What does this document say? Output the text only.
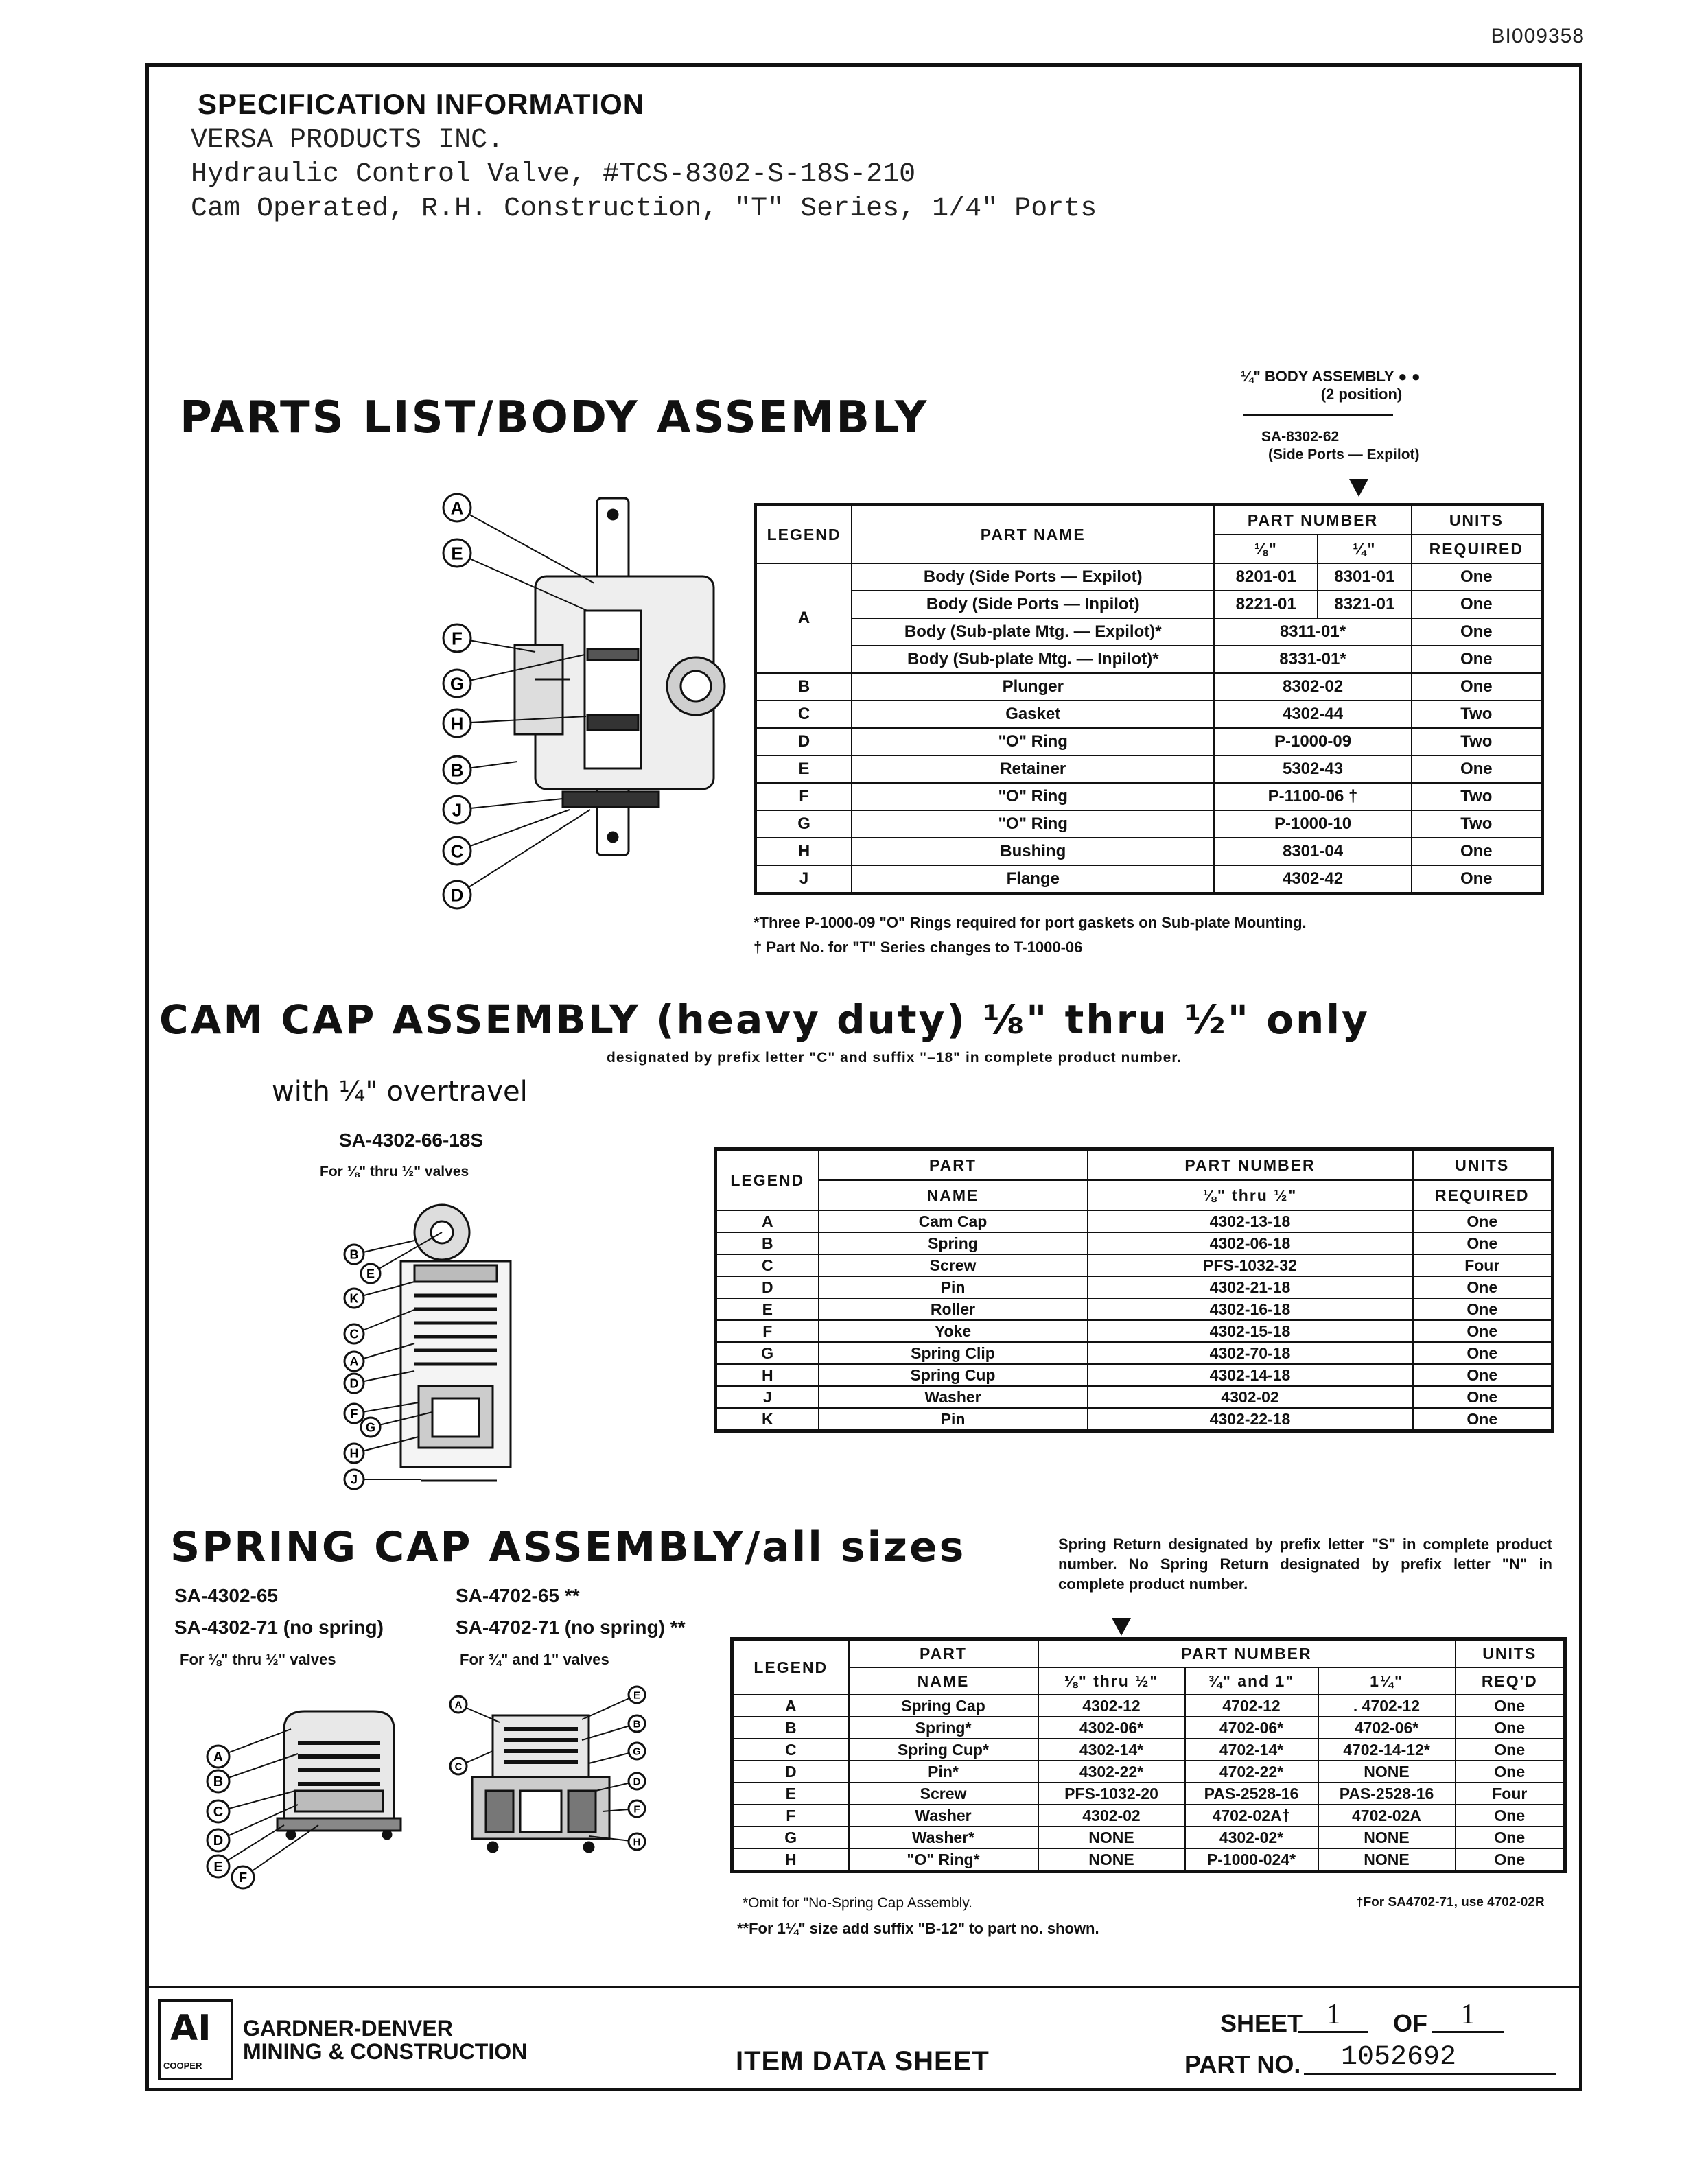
BI009358
SPECIFICATION INFORMATION
VERSA PRODUCTS INC.
Hydraulic Control Valve, #TCS-8302-S-18S-210
Cam Operated, R.H. Construction, "T" Series, 1/4" Ports
PARTS LIST/BODY ASSEMBLY
¼" BODY ASSEMBLY ● ●
(2 position)
SA-8302-62
(Side Ports — Expilot)
A
E
F
G
H
B
J
C
D
LEGEND	PART NAME	PART NUMBER		UNITS
		⅛"	¼"	REQUIRED
A	Body (Side Ports — Expilot)	8201-01	8301-01	One
	Body (Side Ports — Inpilot)	8221-01	8321-01	One
	Body (Sub-plate Mtg. — Expilot)*	8311-01*		One
	Body (Sub-plate Mtg. — Inpilot)*	8331-01*		One
B	Plunger	8302-02		One
C	Gasket	4302-44		Two
D	"O" Ring	P-1000-09		Two
E	Retainer	5302-43		One
F	"O" Ring	P-1100-06 †		Two
G	"O" Ring	P-1000-10		Two
H	Bushing	8301-04		One
J	Flange	4302-42		One
*Three P-1000-09 "O" Rings required for port gaskets on Sub-plate Mounting.
† Part No. for "T" Series changes to T-1000-06
CAM CAP ASSEMBLY (heavy duty) ⅛" thru ½" only
designated by prefix letter "C" and suffix "–18" in complete product number.
with ¼" overtravel
SA-4302-66-18S
For ⅛" thru ½" valves
B
E
K
C
A
D
F
G
H
J
LEGEND	PART	PART NUMBER	UNITS
	NAME	⅛" thru ½"	REQUIRED
A	Cam Cap	4302-13-18	One
B	Spring	4302-06-18	One
C	Screw	PFS-1032-32	Four
D	Pin	4302-21-18	One
E	Roller	4302-16-18	One
F	Yoke	4302-15-18	One
G	Spring Clip	4302-70-18	One
H	Spring Cup	4302-14-18	One
J	Washer	4302-02	One
K	Pin	4302-22-18	One
SPRING CAP ASSEMBLY/all sizes	Spring Return designated by prefix letter "S" in complete product number. No Spring Return designated by prefix letter "N" in complete product number.
SA-4302-65
SA-4302-71 (no spring)
For ⅛" thru ½" valves
SA-4702-65 **
SA-4702-71 (no spring) **
For ¾" and 1" valves
A
B
C
D
E
F
E
A
B
G
C
D
F
H
LEGEND	PART	PART NUMBER			UNITS
	NAME	⅛" thru ½"	¾" and 1"	1¼"	REQ'D
A	Spring Cap	4302-12	4702-12	. 4702-12	One
B	Spring*	4302-06*	4702-06*	4702-06*	One
C	Spring Cup*	4302-14*	4702-14*	4702-14-12*	One
D	Pin*	4302-22*	4702-22*	NONE	One
E	Screw	PFS-1032-20	PAS-2528-16	PAS-2528-16	Four
F	Washer	4302-02	4702-02A†	4702-02A	One
G	Washer*	NONE	4302-02*	NONE	One
H	"O" Ring*	NONE	P-1000-024*	NONE	One
*Omit for "No-Spring Cap Assembly.
**For 1¼" size add suffix "B-12" to part no. shown.
†For SA4702-71, use 4702-02R
AI
COOPER
GARDNER-DENVER
MINING & CONSTRUCTION	ITEM DATA SHEET
SHEET 1	OF	1
PART NO.	1052692
